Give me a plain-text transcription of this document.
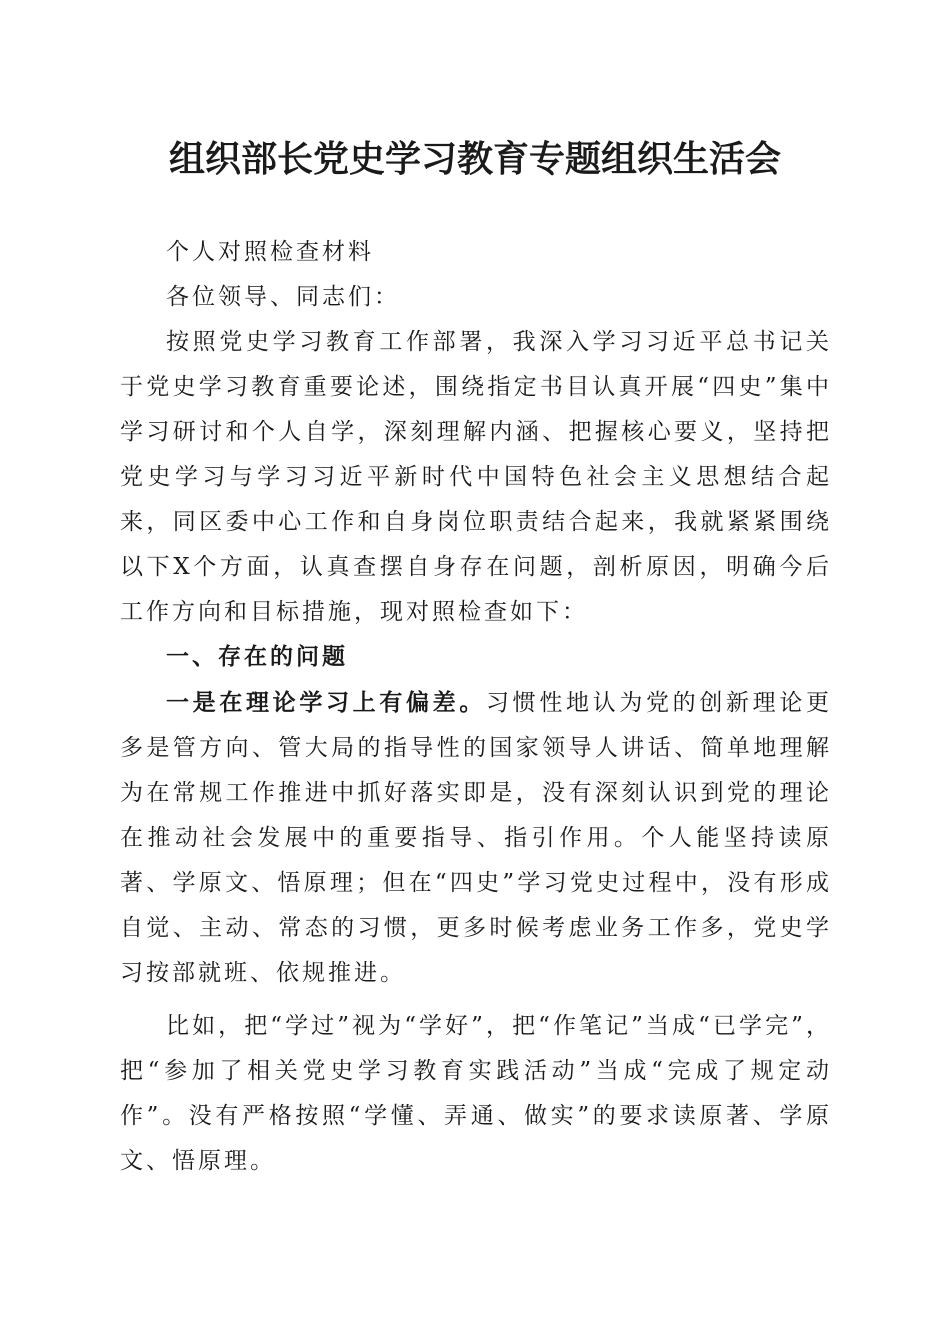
组织部长党史学习教育专题组织生活会

个人对照检查材料

各位领导、同志们：

按照党史学习教育工作部署，我深入学习习近平总书记关于党史学习教育重要论述，围绕指定书目认真开展“四史”集中学习研讨和个人自学，深刻理解内涵、把握核心要义，坚持把党史学习与学习习近平新时代中国特色社会主义思想结合起来，同区委中心工作和自身岗位职责结合起来，我就紧紧围绕以下X个方面，认真查摆自身存在问题，剖析原因，明确今后工作方向和目标措施，现对照检查如下：

一、存在的问题

一是在理论学习上有偏差。习惯性地认为党的创新理论更多是管方向、管大局的指导性的国家领导人讲话、简单地理解为在常规工作推进中抓好落实即是，没有深刻认识到党的理论在推动社会发展中的重要指导、指引作用。个人能坚持读原著、学原文、悟原理；但在“四史”学习党史过程中，没有形成自觉、主动、常态的习惯，更多时候考虑业务工作多，党史学习按部就班、依规推进。

比如，把“学过”视为“学好”，把“作笔记”当成“已学完”，把“参加了相关党史学习教育实践活动”当成“完成了规定动作”。没有严格按照“学懂、弄通、做实”的要求读原著、学原文、悟原理。
